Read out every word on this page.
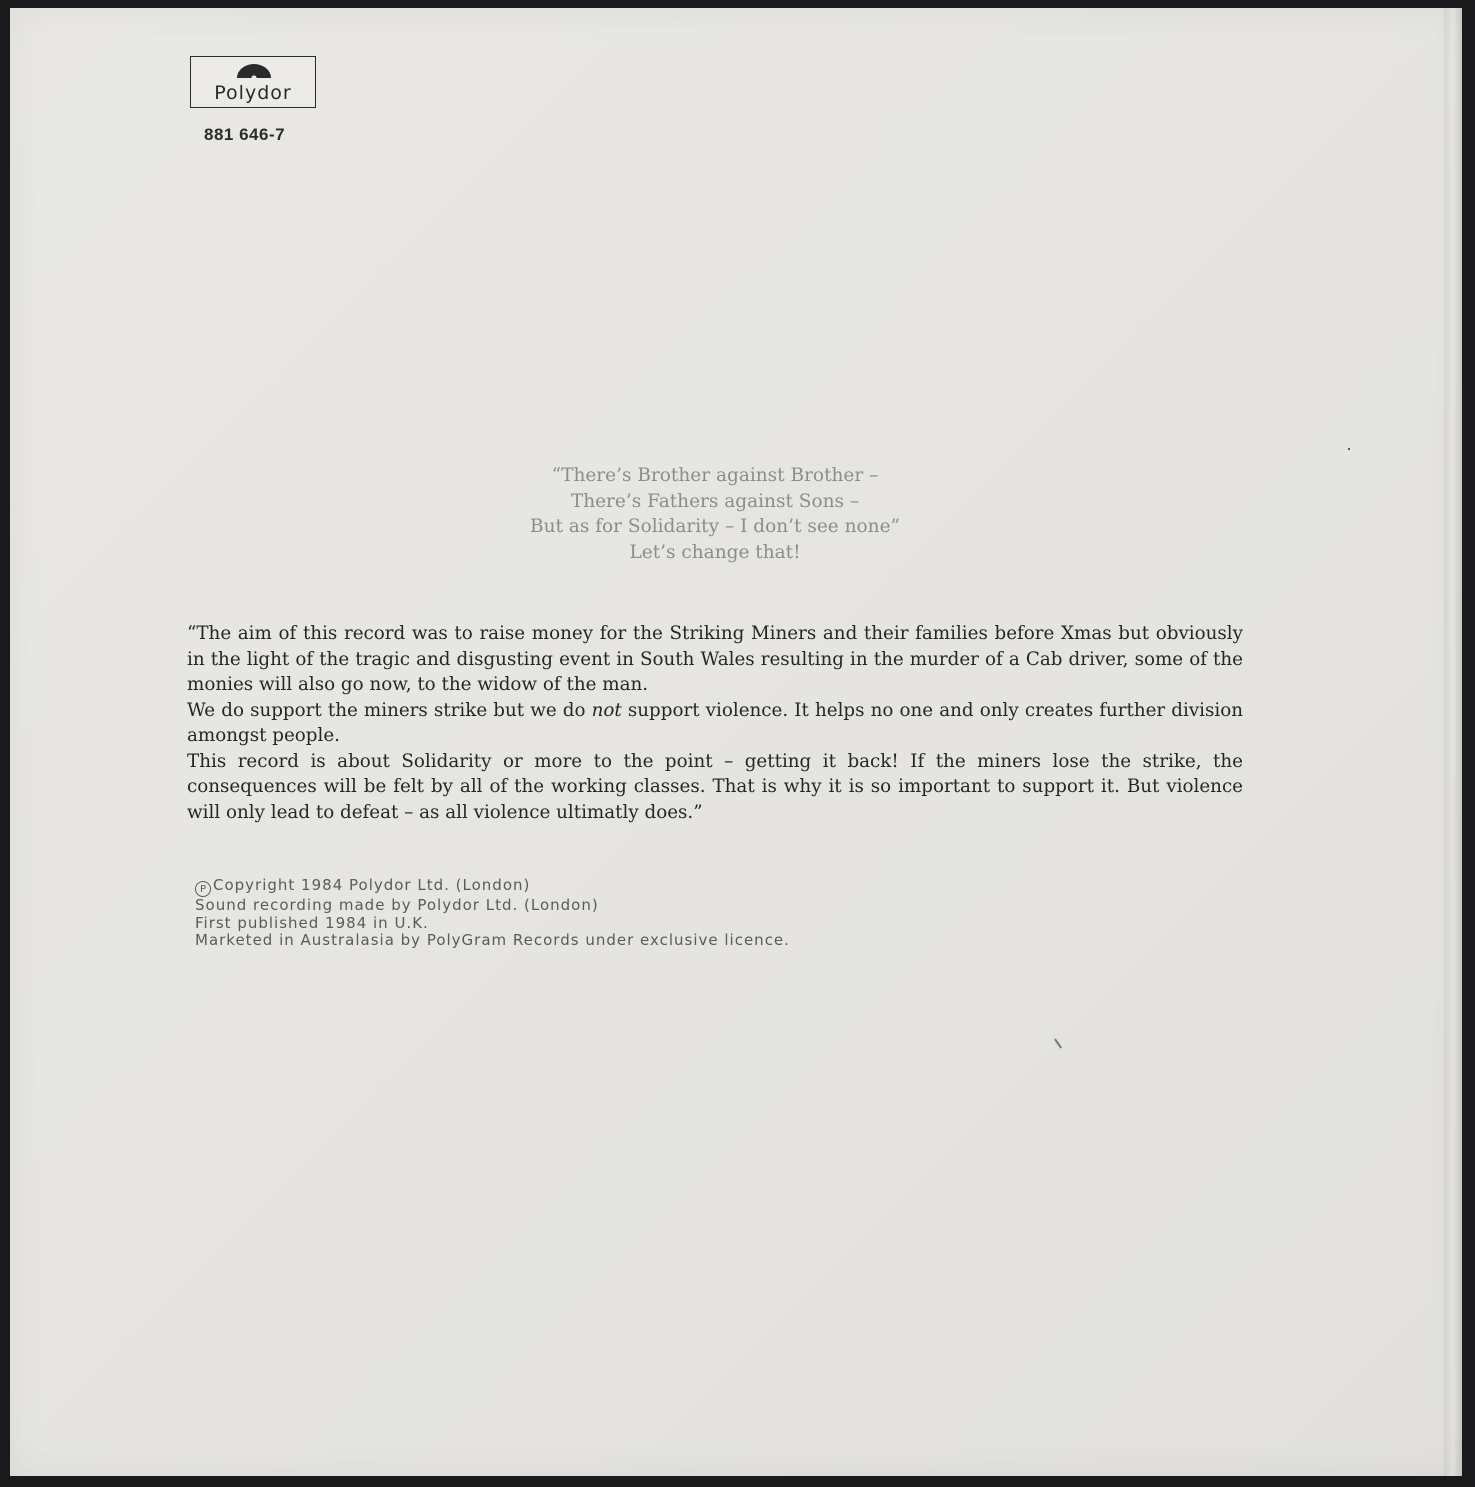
Polydor
881 646-7
“There’s Brother against Brother –
There’s Fathers against Sons –
But as for Solidarity – I don’t see none”
Let’s change that!

“The aim of this record was to raise money for the Striking Miners and their families before Xmas but obviously in the light of the tragic and disgusting event in South Wales resulting in the murder of a Cab driver, some of the monies will also go now, to the widow of the man.

We do support the miners strike but we do not support violence. It helps no one and only creates further division amongst people.

This record is about Solidarity or more to the point – getting it back! If the miners lose the strike, the consequences will be felt by all of the working classes. That is why it is so important to support it. But violence will only lead to defeat – as all violence ultimatly does.”

P Copyright 1984 Polydor Ltd. (London)
Sound recording made by Polydor Ltd. (London)
First published 1984 in U.K.
Marketed in Australasia by PolyGram Records under exclusive licence.
